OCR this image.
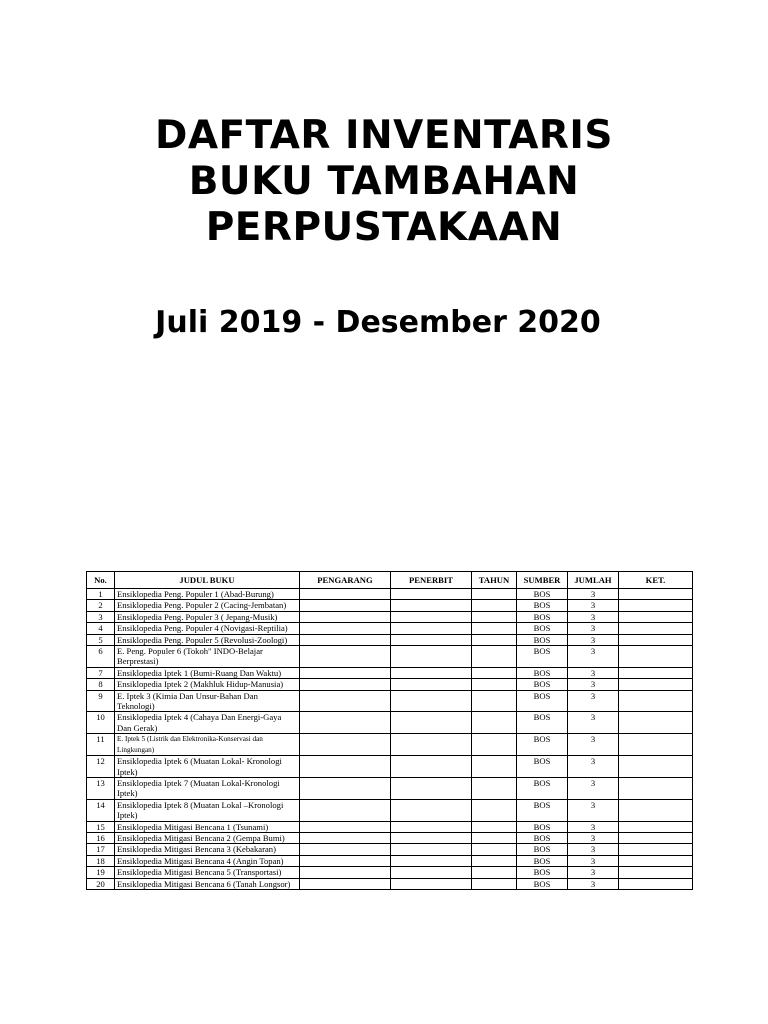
DAFTAR INVENTARIS
BUKU TAMBAHAN
PERPUSTAKAAN
Juli 2019 - Desember 2020
No.	JUDUL BUKU	PENGARANG	PENERBIT	TAHUN	SUMBER	JUMLAH	KET.
1	Ensiklopedia Peng. Populer 1 (Abad-Burung)				BOS	3	
2	Ensiklopedia Peng. Populer 2 (Cacing-Jembatan)				BOS	3	
3	Ensiklopedia Peng. Populer 3 ( Jepang-Musik)				BOS	3	
4	Ensiklopedia Peng. Populer 4 (Novigasi-Reptilia)				BOS	3	
5	Ensiklopedia Peng. Populer 5 (Revolusi-Zoologi)				BOS	3	
6	E. Peng. Populer 6 (Tokoh" INDO-Belajar Berprestasi)				BOS	3	
7	Ensiklopedia Iptek 1 (Bumi-Ruang Dan Waktu)				BOS	3	
8	Ensiklopedia Iptek 2 (Makhluk Hidup-Manusia)				BOS	3	
9	E. Iptek 3 (Kimia Dan Unsur-Bahan Dan Teknologi)				BOS	3	
10	Ensiklopedia Iptek 4 (Cahaya Dan Energi-Gaya Dan Gerak)				BOS	3	
11	E. Iptek 5 (Listrik dan Elektronika-Konservasi dan Lingkungan)				BOS	3	
12	Ensiklopedia Iptek 6 (Muatan Lokal- Kronologi Iptek)				BOS	3	
13	Ensiklopedia Iptek 7 (Muatan Lokal-Kronologi Iptek)				BOS	3	
14	Ensiklopedia Iptek 8 (Muatan Lokal –Kronologi Iptek)				BOS	3	
15	Ensiklopedia Mitigasi Bencana 1 (Tsunami)				BOS	3	
16	Ensiklopedia Mitigasi Bencana 2 (Gempa Bumi)				BOS	3	
17	Ensiklopedia Mitigasi Bencana 3 (Kebakaran)				BOS	3	
18	Ensiklopedia Mitigasi Bencana 4 (Angin Topan)				BOS	3	
19	Ensiklopedia Mitigasi Bencana 5 (Transportasi)				BOS	3	
20	Ensiklopedia Mitigasi Bencana 6 (Tanah Longsor)				BOS	3	
